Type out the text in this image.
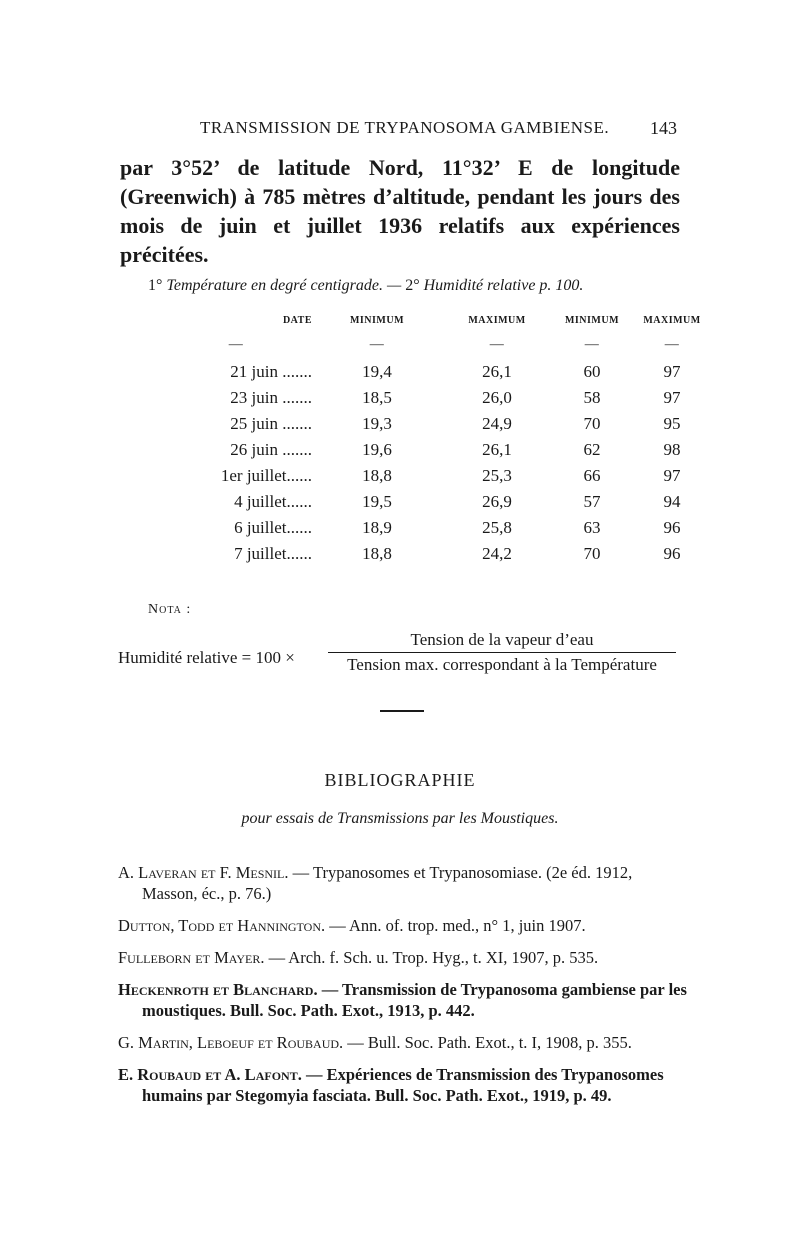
TRANSMISSION DE TRYPANOSOMA GAMBIENSE. 143
par 3°52’ de latitude Nord, 11°32’ E de longitude (Greenwich) à 785 mètres d’altitude, pendant les jours des mois de juin et juillet 1936 relatifs aux expériences précitées.
1° Température en degré centigrade. — 2° Humidité relative p. 100.
DATE	MINIMUM	MAXIMUM	MINIMUM	MAXIMUM
—	—	—	—	—
21 juin .......	19,4	26,1	60	97
23 juin .......	18,5	26,0	58	97
25 juin .......	19,3	24,9	70	95
26 juin .......	19,6	26,1	62	98
1er juillet......	18,8	25,3	66	97
4 juillet......	19,5	26,9	57	94
6 juillet......	18,9	25,8	63	96
7 juillet......	18,8	24,2	70	96
Nota :
Humidité relative = 100 ×
Tension de la vapeur d’eau
Tension max. correspondant à la Température
BIBLIOGRAPHIE
pour essais de Transmissions par les Moustiques.
A. Laveran et F. Mesnil. — Trypanosomes et Trypanosomiase. (2e éd. 1912, Masson, éc., p. 76.)
Dutton, Todd et Hannington. — Ann. of. trop. med., n° 1, juin 1907.
Fulleborn et Mayer. — Arch. f. Sch. u. Trop. Hyg., t. XI, 1907, p. 535.
Heckenroth et Blanchard. — Transmission de Trypanosoma gambiense par les moustiques. Bull. Soc. Path. Exot., 1913, p. 442.
G. Martin, Leboeuf et Roubaud. — Bull. Soc. Path. Exot., t. I, 1908, p. 355.
E. Roubaud et A. Lafont. — Expériences de Transmission des Trypanosomes humains par Stegomyia fasciata. Bull. Soc. Path. Exot., 1919, p. 49.
